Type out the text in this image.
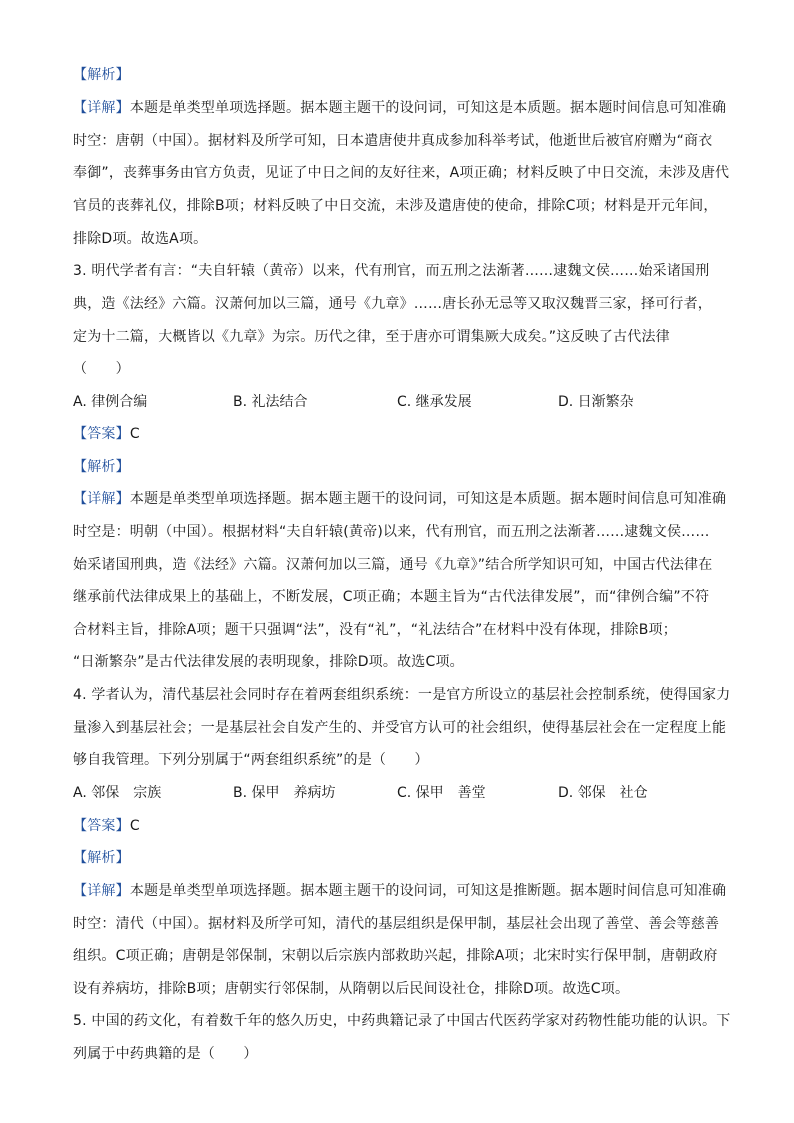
【解析】
【详解】本题是单类型单项选择题。据本题主题干的设问词，可知这是本质题。据本题时间信息可知准确
时空：唐朝（中国）。据材料及所学可知，日本遣唐使井真成参加科举考试，他逝世后被官府赠为“商衣
奉御”，丧葬事务由官方负责，见证了中日之间的友好往来，A项正确；材料反映了中日交流，未涉及唐代
官员的丧葬礼仪，排除B项；材料反映了中日交流，未涉及遣唐使的使命，排除C项；材料是开元年间，
排除D项。故选A项。
3. 明代学者有言：“夫自轩辕（黄帝）以来，代有刑官，而五刑之法渐著……逮魏文侯……始采诸国刑
典，造《法经》六篇。汉萧何加以三篇，通号《九章》……唐长孙无忌等又取汉魏晋三家，择可行者，
定为十二篇，大概皆以《九章》为宗。历代之律，至于唐亦可谓集厥大成矣。”这反映了古代法律
（　　）
A. 律例合编	B. 礼法结合	C. 继承发展	D. 日渐繁杂
【答案】C
【解析】
【详解】本题是单类型单项选择题。据本题主题干的设问词，可知这是本质题。据本题时间信息可知准确
时空是：明朝（中国）。根据材料“夫自轩辕(黄帝)以来，代有刑官，而五刑之法渐著……逮魏文侯……
始采诸国刑典，造《法经》六篇。汉萧何加以三篇，通号《九章》”结合所学知识可知，中国古代法律在
继承前代法律成果上的基础上，不断发展，C项正确；本题主旨为“古代法律发展”，而“律例合编”不符
合材料主旨，排除A项；题干只强调“法”，没有“礼”，“礼法结合”在材料中没有体现，排除B项；
“日渐繁杂”是古代法律发展的表明现象，排除D项。故选C项。
4. 学者认为，清代基层社会同时存在着两套组织系统：一是官方所设立的基层社会控制系统，使得国家力
量渗入到基层社会；一是基层社会自发产生的、并受官方认可的社会组织，使得基层社会在一定程度上能
够自我管理。下列分别属于“两套组织系统”的是（　　）
A. 邻保　宗族	B. 保甲　养病坊	C. 保甲　善堂	D. 邻保　社仓
【答案】C
【解析】
【详解】本题是单类型单项选择题。据本题主题干的设问词，可知这是推断题。据本题时间信息可知准确
时空：清代（中国）。据材料及所学可知，清代的基层组织是保甲制，基层社会出现了善堂、善会等慈善
组织。C项正确；唐朝是邻保制，宋朝以后宗族内部救助兴起，排除A项；北宋时实行保甲制，唐朝政府
设有养病坊，排除B项；唐朝实行邻保制，从隋朝以后民间设社仓，排除D项。故选C项。
5. 中国的药文化，有着数千年的悠久历史，中药典籍记录了中国古代医药学家对药物性能功能的认识。下
列属于中药典籍的是（　　）
